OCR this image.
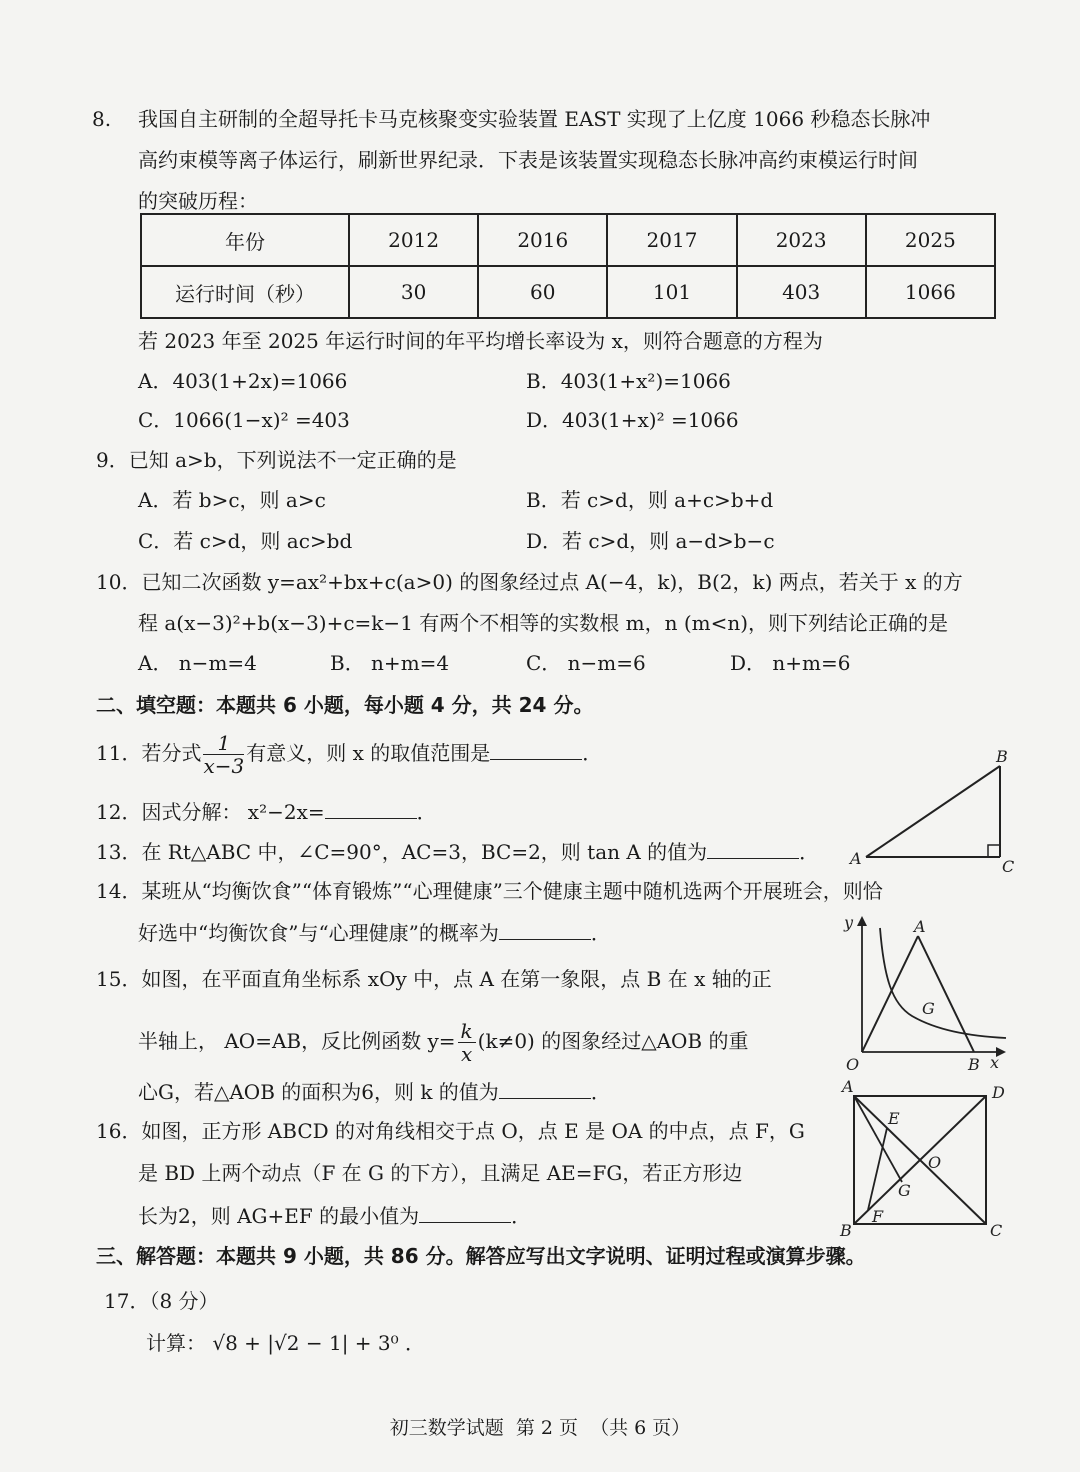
8. 我国自主研制的全超导托卡马克核聚变实验装置 EAST 实现了上亿度 1066 秒稳态长脉冲
高约束模等离子体运行，刷新世界纪录．下表是该装置实现稳态长脉冲高约束模运行时间
的突破历程：
年份	2012	2016	2017	2023	2025
运行时间（秒）	30	60	101	403	1066
若 2023 年至 2025 年运行时间的年平均增长率设为 x，则符合题意的方程为
A．403(1+2x)=1066	B．403(1+x²)=1066
C．1066(1−x)² =403	D．403(1+x)² =1066
9．已知 a>b，下列说法不一定正确的是
A．若 b>c，则 a>c	B．若 c>d，则 a+c>b+d
C．若 c>d，则 ac>bd	D．若 c>d，则 a−d>b−c
10．已知二次函数 y=ax²+bx+c(a>0) 的图象经过点 A(−4，k)，B(2，k) 两点，若关于 x 的方
程 a(x−3)²+b(x−3)+c=k−1 有两个不相等的实数根 m，n (m<n)，则下列结论正确的是
A． n−m=4	B． n+m=4	C． n−m=6	D． n+m=6
二、填空题：本题共 6 小题，每小题 4 分，共 24 分。
11．若分式 $\frac{1}{x-3}$ 有意义，则 x 的取值范围是	．
12．因式分解： x²−2x=	．
13．在 Rt△ABC 中，∠C=90°，AC=3，BC=2，则 tan A 的值为	．
14．某班从“均衡饮食”“体育锻炼”“心理健康”三个健康主题中随机选两个开展班会，则恰
好选中“均衡饮食”与“心理健康”的概率为	．
15．如图，在平面直角坐标系 xOy 中，点 A 在第一象限，点 B 在 x 轴的正
半轴上， AO=AB，反比例函数 $y= \frac{k}{x} (k\ne 0)$ 的图象经过△AOB 的重
心G，若△AOB 的面积为6，则 k 的值为	．
16．如图，正方形 ABCD 的对角线相交于点 O，点 E 是 OA 的中点，点 F，G
是 BD 上两个动点（F 在 G 的下方），且满足 AE=FG，若正方形边
长为2，则 AG+EF 的最小值为	．
三、解答题：本题共 9 小题，共 86 分。解答应写出文字说明、证明过程或演算步骤。
17．（8 分）
计算： √8 + |√2 − 1| + 3⁰ ．
A
B
C
y	A
G
O	B x
A	D
E
O
G
F
B	C
初三数学试题  第 2 页  （共 6 页）
